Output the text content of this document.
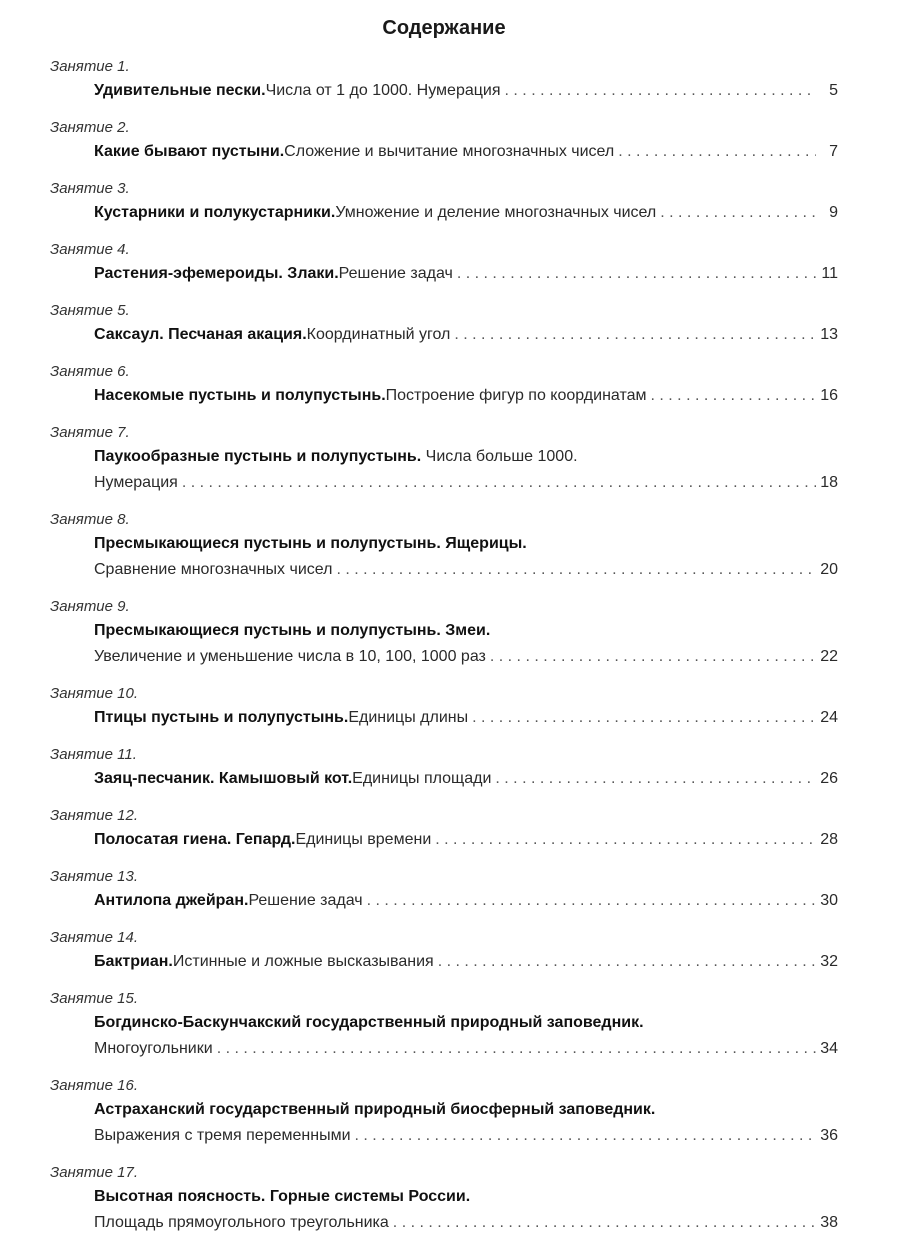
Содержание
Занятие 1.
Удивительные пески. Числа от 1 до 1000. Нумерация . . .	5
Занятие 2.
Какие бывают пустыни. Сложение и вычитание многозначных чисел . . .	7
Занятие 3.
Кустарники и полукустарники. Умножение и деление многозначных чисел . . .	9
Занятие 4.
Растения-эфемероиды. Злаки. Решение задач . . .	11
Занятие 5.
Саксаул. Песчаная акация. Координатный угол . . .	13
Занятие 6.
Насекомые пустынь и полупустынь. Построение фигур по координатам . . .	16
Занятие 7.
Паукообразные пустынь и полупустынь. Числа больше 1000.
Нумерация . . .	18
Занятие 8.
Пресмыкающиеся пустынь и полупустынь. Ящерицы.
Сравнение многозначных чисел . . .	20
Занятие 9.
Пресмыкающиеся пустынь и полупустынь. Змеи.
Увеличение и уменьшение числа в 10, 100, 1000 раз . . .	22
Занятие 10.
Птицы пустынь и полупустынь. Единицы длины . . .	24
Занятие 11.
Заяц-песчаник. Камышовый кот. Единицы площади . . .	26
Занятие 12.
Полосатая гиена. Гепард. Единицы времени . . .	28
Занятие 13.
Антилопа джейран. Решение задач . . .	30
Занятие 14.
Бактриан. Истинные и ложные высказывания . . .	32
Занятие 15.
Богдинско-Баскунчакский государственный природный заповедник.
Многоугольники . . .	34
Занятие 16.
Астраханский государственный природный биосферный заповедник.
Выражения с тремя переменными . . .	36
Занятие 17.
Высотная поясность. Горные системы России.
Площадь прямоугольного треугольника . . .	38
